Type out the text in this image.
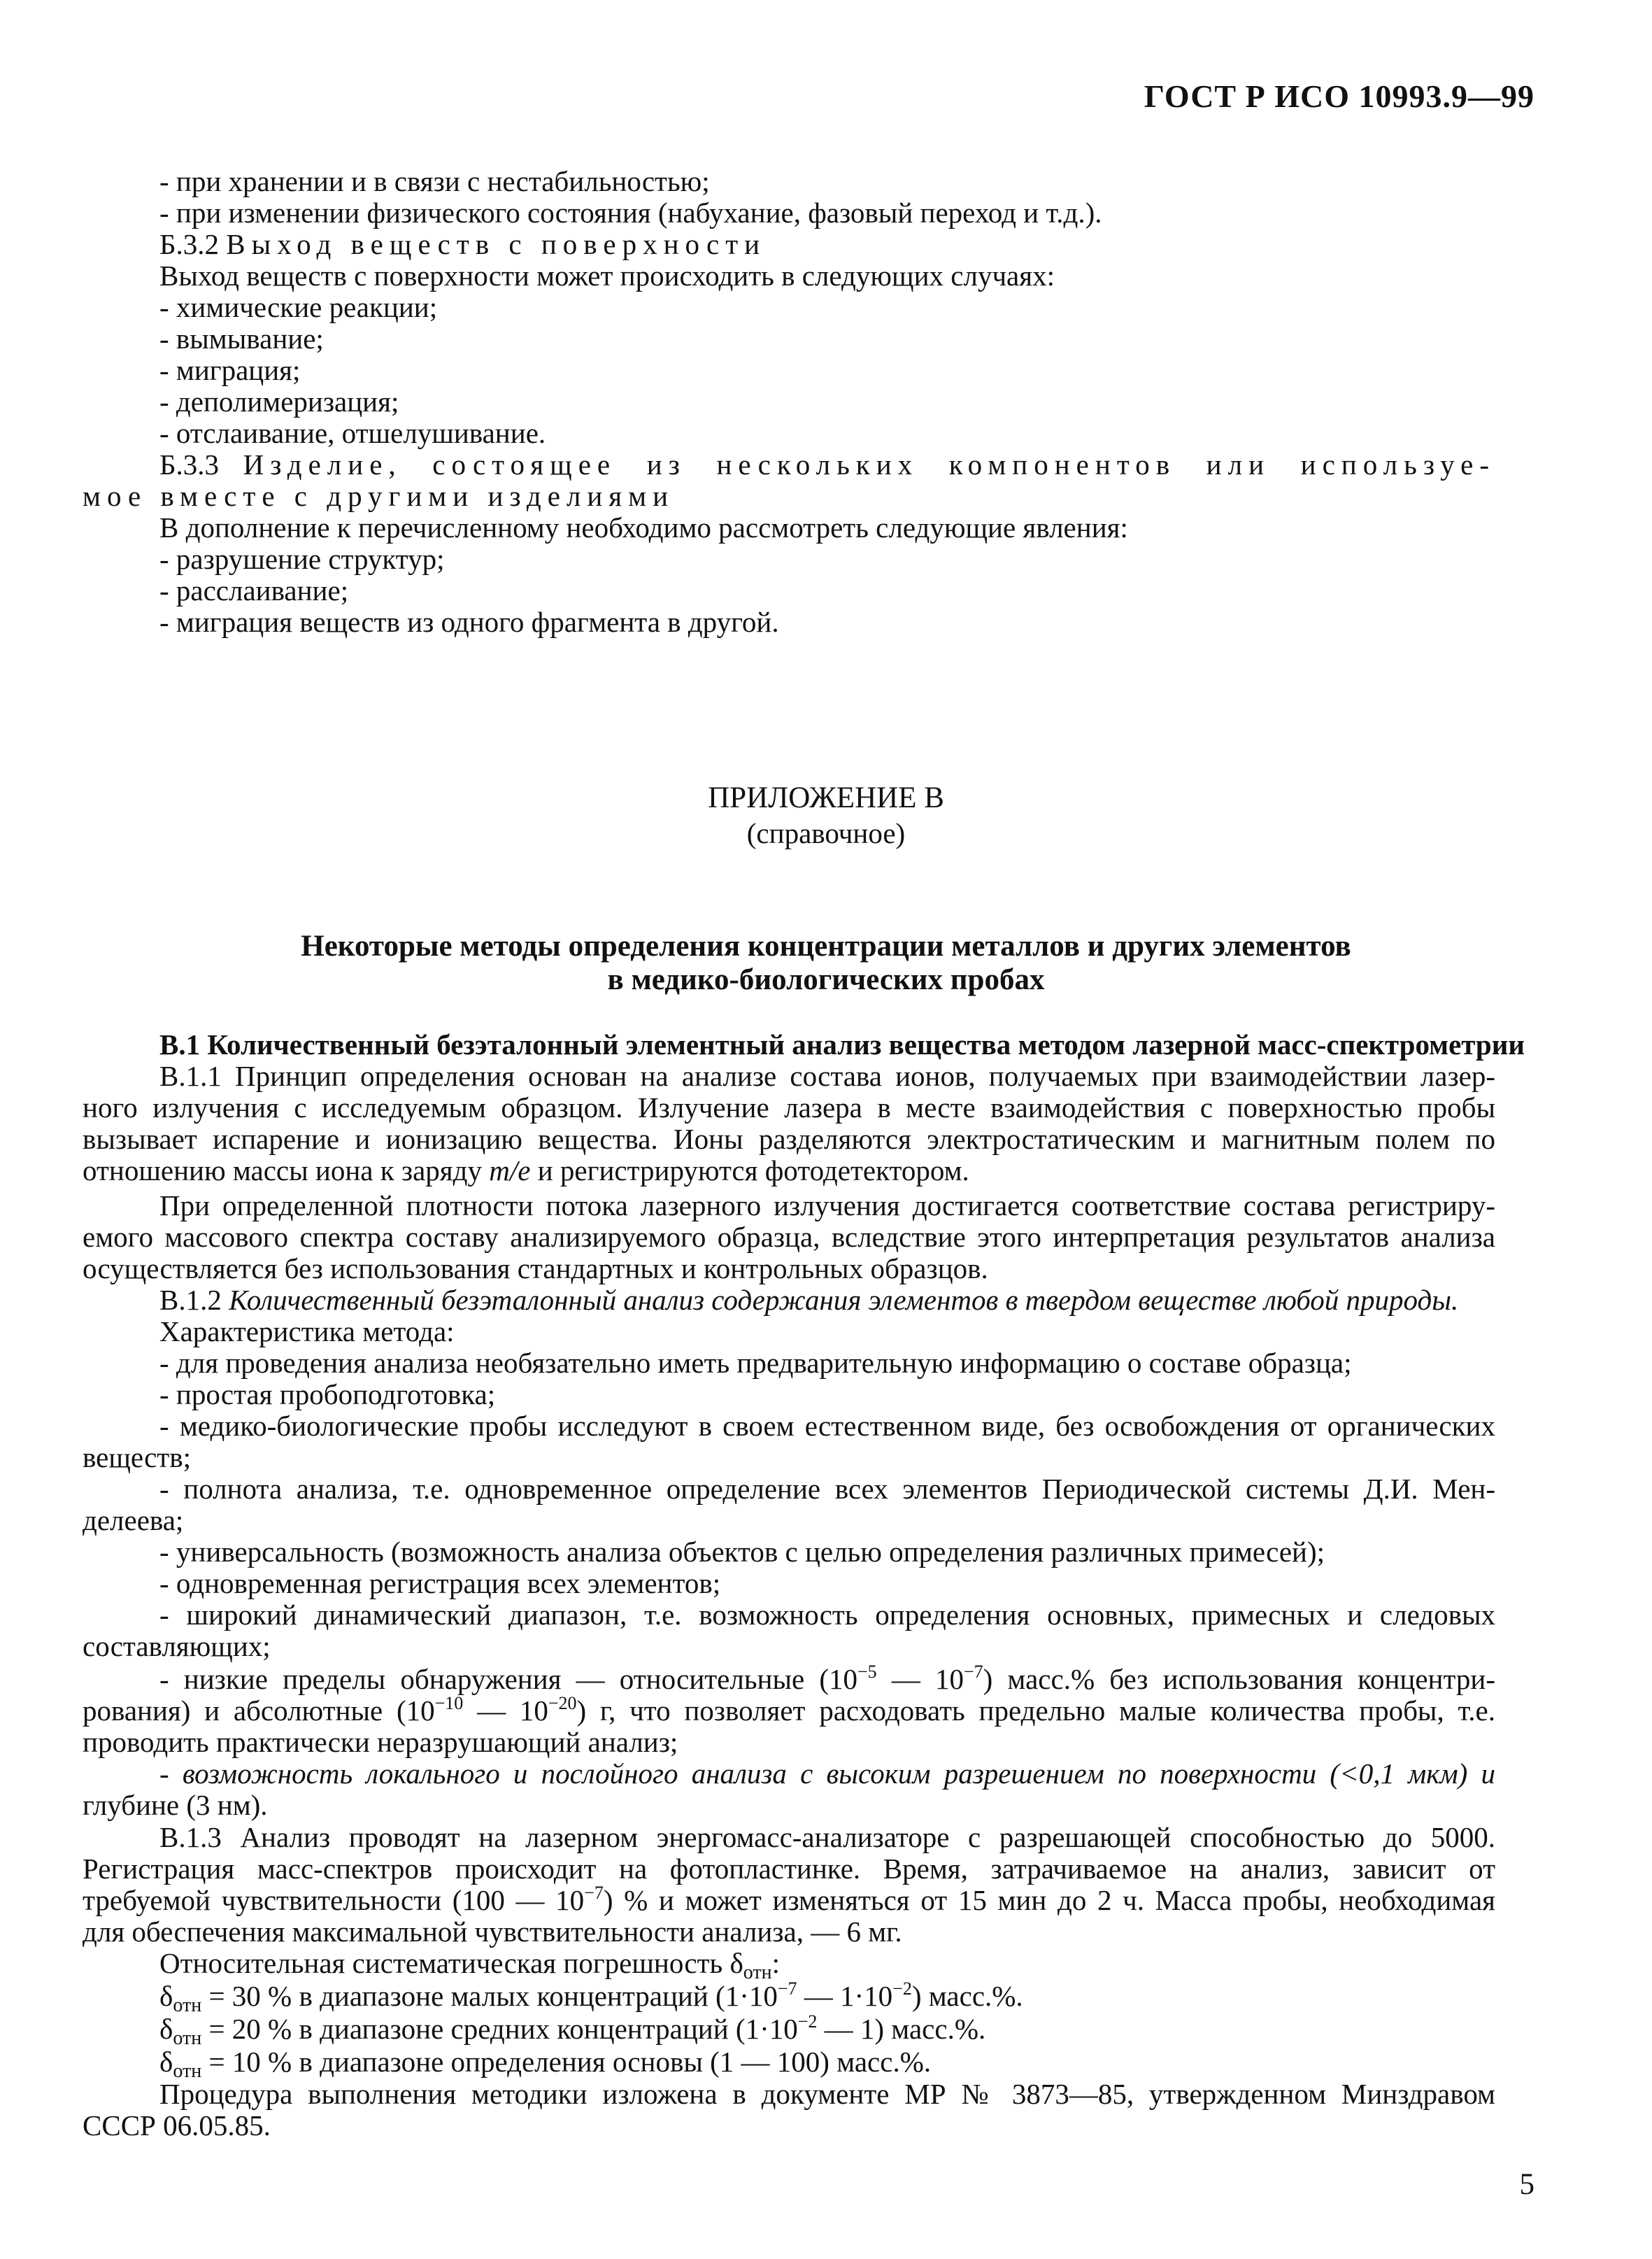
ГОСТ Р ИСО 10993.9—99
- при хранении и в связи с нестабильностью;
- при изменении физического состояния (набухание, фазовый переход и т.д.).
Б.3.2 Выход веществ с поверхности
Выход веществ с поверхности может происходить в следующих случаях:
- химические реакции;
- вымывание;
- миграция;
- деполимеризация;
- отслаивание, отшелушивание.
Б.3.3 Изделие, состоящее из нескольких компонентов или используе-
мое вместе с другими изделиями
В дополнение к перечисленному необходимо рассмотреть следующие явления:
- разрушение структур;
- расслаивание;
- миграция веществ из одного фрагмента в другой.
ПРИЛОЖЕНИЕ В
(справочное)
Некоторые методы определения концентрации металлов и других элементов
в медико-биологических пробах
В.1 Количественный безэталонный элементный анализ вещества методом лазерной масс-спектрометрии
В.1.1 Принцип определения основан на анализе состава ионов, получаемых при взаимодействии лазер-
ного излучения с исследуемым образцом. Излучение лазера в месте взаимодействия с поверхностью пробы
вызывает испарение и ионизацию вещества. Ионы разделяются электростатическим и магнитным полем по
отношению массы иона к заряду m/e и регистрируются фотодетектором.
При определенной плотности потока лазерного излучения достигается соответствие состава регистриру-
емого массового спектра составу анализируемого образца, вследствие этого интерпретация результатов анализа
осуществляется без использования стандартных и контрольных образцов.
В.1.2 Количественный безэталонный анализ содержания элементов в твердом веществе любой природы.
Характеристика метода:
- для проведения анализа необязательно иметь предварительную информацию о составе образца;
- простая пробоподготовка;
- медико-биологические пробы исследуют в своем естественном виде, без освобождения от органических
веществ;
- полнота анализа, т.е. одновременное определение всех элементов Периодической системы Д.И. Мен-
делеева;
- универсальность (возможность анализа объектов с целью определения различных примесей);
- одновременная регистрация всех элементов;
- широкий динамический диапазон, т.е. возможность определения основных, примесных и следовых
составляющих;
- низкие пределы обнаружения — относительные ($10^{-5}$ — $10^{-7}$) масс.% без использования концентри-
рования) и абсолютные ($10^{-10}$ — $10^{-20}$) г, что позволяет расходовать предельно малые количества пробы, т.е.
проводить практически неразрушающий анализ;
- возможность локального и послойного анализа с высоким разрешением по поверхности (<0,1 мкм) и
глубине (3 нм).
В.1.3 Анализ проводят на лазерном энергомасс-анализаторе с разрешающей способностью до 5000.
Регистрация масс-спектров происходит на фотопластинке. Время, затрачиваемое на анализ, зависит от
требуемой чувствительности (100 — $10^{-7}$) % и может изменяться от 15 мин до 2 ч. Масса пробы, необходимая
для обеспечения максимальной чувствительности анализа, — 6 мг.
Относительная систематическая погрешность $\delta_{отн}$:
$\delta_{отн} = 30$ % в диапазоне малых концентраций ($1\cdot 10^{-7}$ — $1\cdot 10^{-2}$) масс.%.
$\delta_{отн} = 20$ % в диапазоне средних концентраций ($1\cdot 10^{-2}$ — 1) масс.%.
$\delta_{отн} = 10$ % в диапазоне определения основы (1 — 100) масс.%.
Процедура выполнения методики изложена в документе МР № 3873—85, утвержденном Минздравом
СССР 06.05.85.
5
